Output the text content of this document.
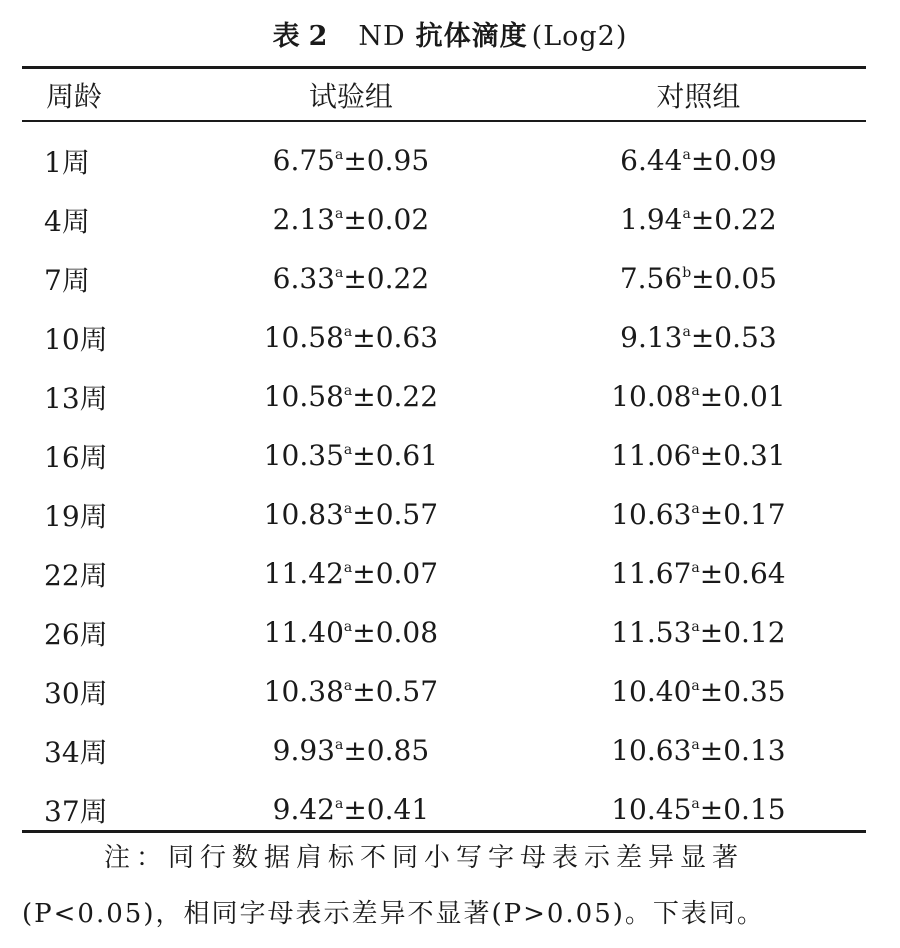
表 2 ND 抗体滴度 (Log2)
周龄	试验组	对照组
1周	6.75$^a$±0.95	6.44$^a$±0.09
4周	2.13$^a$±0.02	1.94$^a$±0.22
7周	6.33$^a$±0.22	7.56$^b$±0.05
10周	10.58$^a$±0.63	9.13$^a$±0.53
13周	10.58$^a$±0.22	10.08$^a$±0.01
16周	10.35$^a$±0.61	11.06$^a$±0.31
19周	10.83$^a$±0.57	10.63$^a$±0.17
22周	11.42$^a$±0.07	11.67$^a$±0.64
26周	11.40$^a$±0.08	11.53$^a$±0.12
30周	10.38$^a$±0.57	10.40$^a$±0.35
34周	9.93$^a$±0.85	10.63$^a$±0.13
37周	9.42$^a$±0.41	10.45$^a$±0.15
注：同行数据肩标不同小写字母表示差异显著
(P<0.05)，相同字母表示差异不显著(P>0.05)。下表同。
